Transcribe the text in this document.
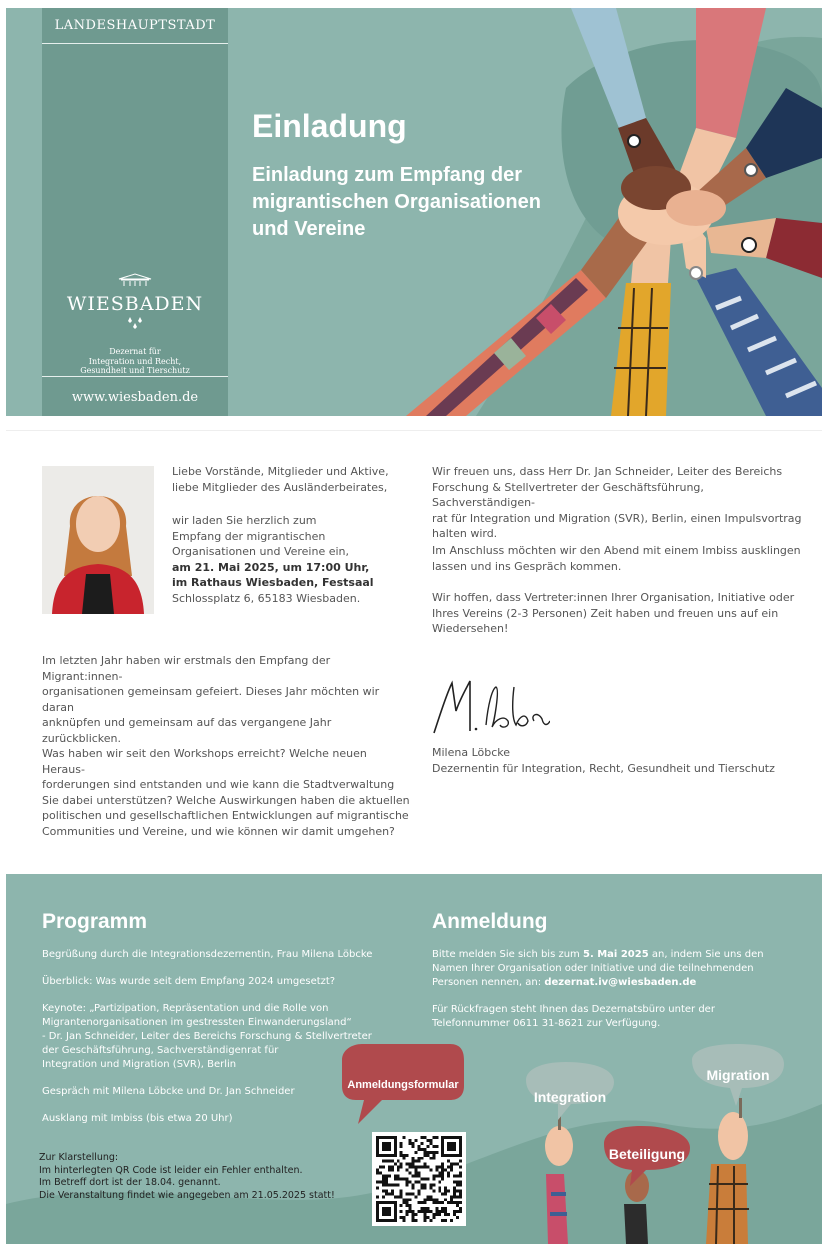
LANDESHAUPTSTADT
WIESBADEN
Dezernat für
Integration und Recht,
Gesundheit und Tierschutz
www.wiesbaden.de
Einladung
Einladung zum Empfang der migrantischen Organisationen und Vereine
Liebe Vorstände, Mitglieder und Aktive,
liebe Mitglieder des Ausländerbeirates,
wir laden Sie herzlich zum
Empfang der migrantischen
Organisationen und Vereine ein,
am 21. Mai 2025, um 17:00 Uhr,
im Rathaus Wiesbaden, Festsaal
Schlossplatz 6, 65183 Wiesbaden.
Im letzten Jahr haben wir erstmals den Empfang der Migrant:innen-
organisationen gemeinsam gefeiert. Dieses Jahr möchten wir daran
anknüpfen und gemeinsam auf das vergangene Jahr zurückblicken.
Was haben wir seit den Workshops erreicht? Welche neuen Heraus-
forderungen sind entstanden und wie kann die Stadtverwaltung
Sie dabei unterstützen? Welche Auswirkungen haben die aktuellen
politischen und gesellschaftlichen Entwicklungen auf migrantische
Communities und Vereine, und wie können wir damit umgehen?
Wir freuen uns, dass Herr Dr. Jan Schneider, Leiter des Bereichs
Forschung & Stellvertreter der Geschäftsführung, Sachverständigen-
rat für Integration und Migration (SVR), Berlin, einen Impulsvortrag
halten wird.
Im Anschluss möchten wir den Abend mit einem Imbiss ausklingen
lassen und ins Gespräch kommen.
Wir hoffen, dass Vertreter:innen Ihrer Organisation, Initiative oder
Ihres Vereins (2-3 Personen) Zeit haben und freuen uns auf ein
Wiedersehen!
Milena Löbcke
Dezernentin für Integration, Recht, Gesundheit und Tierschutz
Programm
Begrüßung durch die Integrationsdezernentin, Frau Milena Löbcke
Überblick: Was wurde seit dem Empfang 2024 umgesetzt?
Keynote: „Partizipation, Repräsentation und die Rolle von
Migrantenorganisationen im gestressten Einwanderungsland“
- Dr. Jan Schneider, Leiter des Bereichs Forschung & Stellvertreter
der Geschäftsführung, Sachverständigenrat für
Integration und Migration (SVR), Berlin
Gespräch mit Milena Löbcke und Dr. Jan Schneider
Ausklang mit Imbiss (bis etwa 20 Uhr)
Zur Klarstellung:
Im hinterlegten QR Code ist leider ein Fehler enthalten.
Im Betreff dort ist der 18.04. genannt.
Die Veranstaltung findet wie angegeben am 21.05.2025 statt!
Anmeldung
Bitte melden Sie sich bis zum 5. Mai 2025 an, indem Sie uns den
Namen Ihrer Organisation oder Initiative und die teilnehmenden
Personen nennen, an: dezernat.iv@wiesbaden.de
Für Rückfragen steht Ihnen das Dezernatsbüro unter der
Telefonnummer 0611 31-8621 zur Verfügung.
Anmeldungsformular
Integration
Beteiligung
Migration
